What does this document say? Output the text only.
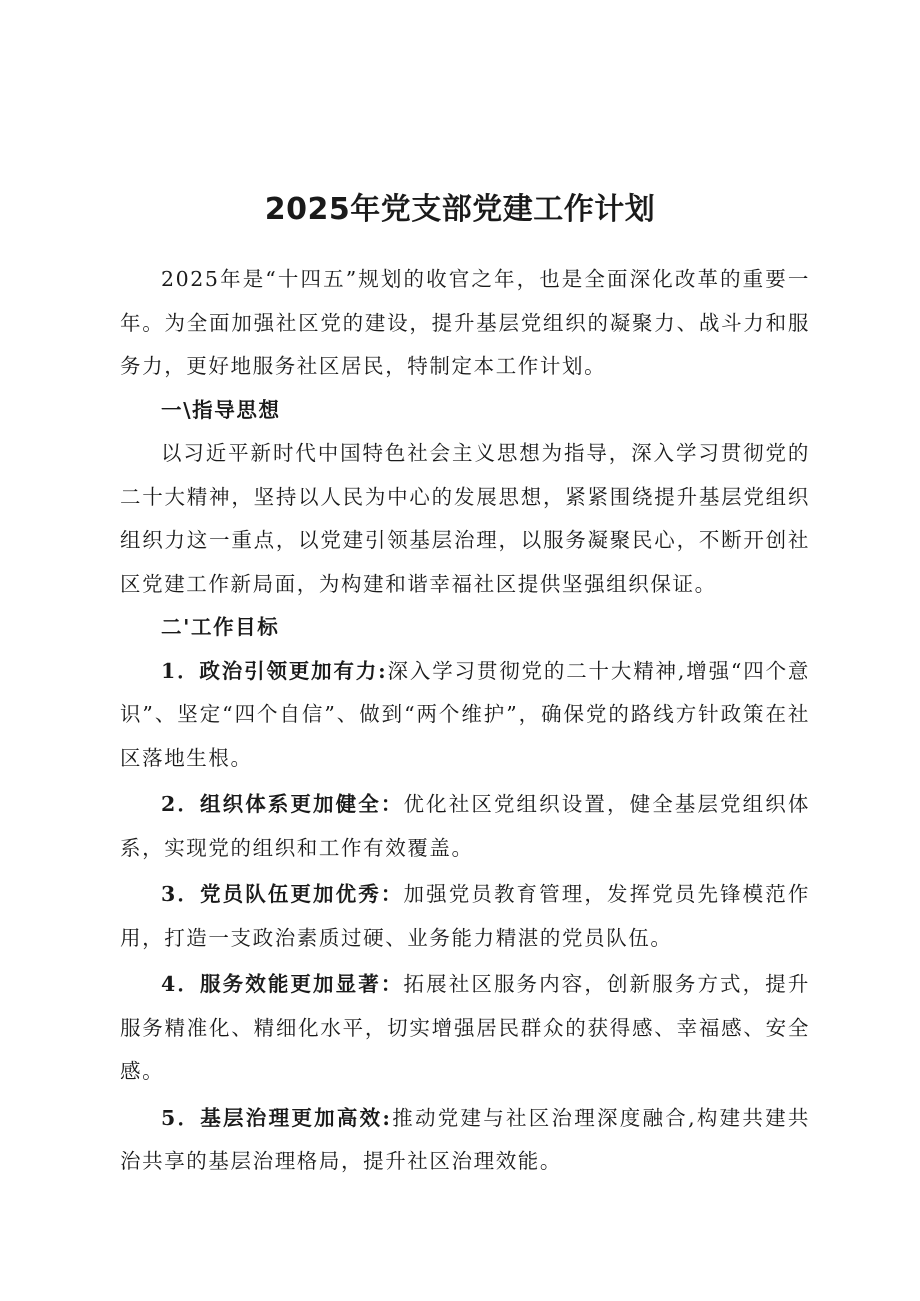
2025年党支部党建工作计划

2025年是“十四五”规划的收官之年，也是全面深化改革的重要一年。为全面加强社区党的建设，提升基层党组织的凝聚力、战斗力和服务力，更好地服务社区居民，特制定本工作计划。

一\指导思想

以习近平新时代中国特色社会主义思想为指导，深入学习贯彻党的二十大精神，坚持以人民为中心的发展思想，紧紧围绕提升基层党组织组织力这一重点，以党建引领基层治理，以服务凝聚民心，不断开创社区党建工作新局面，为构建和谐幸福社区提供坚强组织保证。

二'工作目标

1．政治引领更加有力:深入学习贯彻党的二十大精神,增强“四个意识”、坚定“四个自信”、做到“两个维护”，确保党的路线方针政策在社区落地生根。

2．组织体系更加健全：优化社区党组织设置，健全基层党组织体系，实现党的组织和工作有效覆盖。

3．党员队伍更加优秀：加强党员教育管理，发挥党员先锋模范作用，打造一支政治素质过硬、业务能力精湛的党员队伍。

4．服务效能更加显著：拓展社区服务内容，创新服务方式，提升服务精准化、精细化水平，切实增强居民群众的获得感、幸福感、安全感。

5．基层治理更加高效:推动党建与社区治理深度融合,构建共建共治共享的基层治理格局，提升社区治理效能。
